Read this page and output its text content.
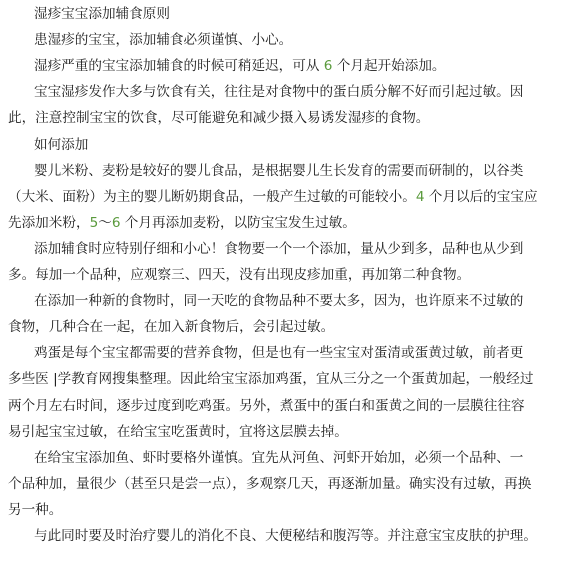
湿疹宝宝添加辅食原则
患湿疹的宝宝，添加辅食必须谨慎、小心。
湿疹严重的宝宝添加辅食的时候可稍延迟，可从 6 个月起开始添加。
宝宝湿疹发作大多与饮食有关，往往是对食物中的蛋白质分解不好而引起过敏。因
此，注意控制宝宝的饮食，尽可能避免和减少摄入易诱发湿疹的食物。
如何添加
婴儿米粉、麦粉是较好的婴儿食品，是根据婴儿生长发育的需要而研制的，以谷类
（大米、面粉）为主的婴儿断奶期食品，一般产生过敏的可能较小。4 个月以后的宝宝应
先添加米粉，5～6 个月再添加麦粉，以防宝宝发生过敏。
添加辅食时应特别仔细和小心！食物要一个一个添加，量从少到多，品种也从少到
多。每加一个品种，应观察三、四天，没有出现皮疹加重，再加第二种食物。
在添加一种新的食物时，同一天吃的食物品种不要太多，因为，也许原来不过敏的
食物，几种合在一起，在加入新食物后，会引起过敏。
鸡蛋是每个宝宝都需要的营养食物，但是也有一些宝宝对蛋清或蛋黄过敏，前者更
多些医 |学教育网搜集整理。因此给宝宝添加鸡蛋，宜从三分之一个蛋黄加起，一般经过
两个月左右时间，逐步过度到吃鸡蛋。另外，煮蛋中的蛋白和蛋黄之间的一层膜往往容
易引起宝宝过敏，在给宝宝吃蛋黄时，宜将这层膜去掉。
在给宝宝添加鱼、虾时要格外谨慎。宜先从河鱼、河虾开始加，必须一个品种、一
个品种加，量很少（甚至只是尝一点），多观察几天，再逐渐加量。确实没有过敏，再换
另一种。
与此同时要及时治疗婴儿的消化不良、大便秘结和腹泻等。并注意宝宝皮肤的护理。
